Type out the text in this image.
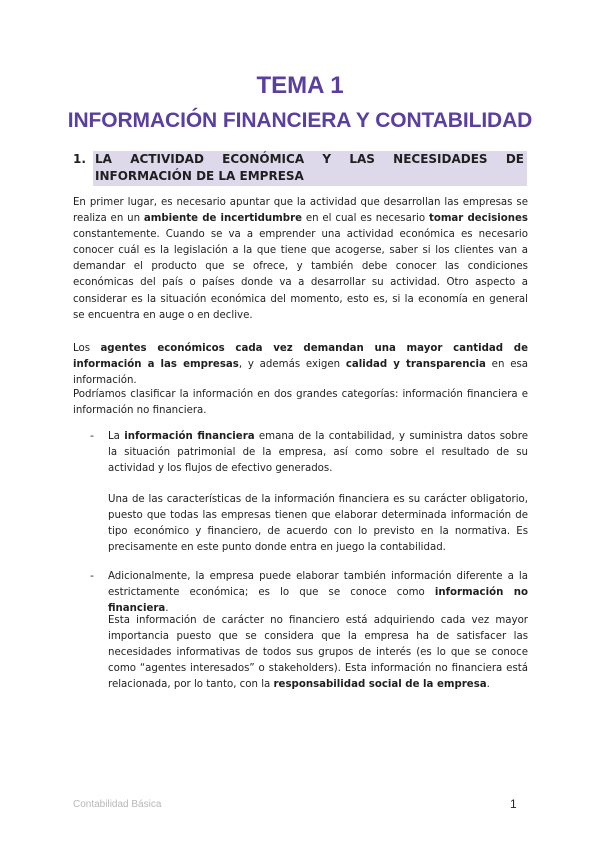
TEMA 1
INFORMACIÓN FINANCIERA Y CONTABILIDAD
1. LA ACTIVIDAD ECONÓMICA Y LAS NECESIDADES DE INFORMACIÓN DE LA EMPRESA

En primer lugar, es necesario apuntar que la actividad que desarrollan las empresas se realiza en un ambiente de incertidumbre en el cual es necesario tomar decisiones constantemente. Cuando se va a emprender una actividad económica es necesario conocer cuál es la legislación a la que tiene que acogerse, saber si los clientes van a demandar el producto que se ofrece, y también debe conocer las condiciones económicas del país o países donde va a desarrollar su actividad. Otro aspecto a considerar es la situación económica del momento, esto es, si la economía en general se encuentra en auge o en declive.

Los agentes económicos cada vez demandan una mayor cantidad de información a las empresas, y además exigen calidad y transparencia en esa información.

Podríamos clasificar la información en dos grandes categorías: información financiera e información no financiera.

- La información financiera emana de la contabilidad, y suministra datos sobre la situación patrimonial de la empresa, así como sobre el resultado de su actividad y los flujos de efectivo generados.

Una de las características de la información financiera es su carácter obligatorio, puesto que todas las empresas tienen que elaborar determinada información de tipo económico y financiero, de acuerdo con lo previsto en la normativa. Es precisamente en este punto donde entra en juego la contabilidad.

- Adicionalmente, la empresa puede elaborar también información diferente a la estrictamente económica; es lo que se conoce como información no financiera.

Esta información de carácter no financiero está adquiriendo cada vez mayor importancia puesto que se considera que la empresa ha de satisfacer las necesidades informativas de todos sus grupos de interés (es lo que se conoce como “agentes interesados” o stakeholders). Esta información no financiera está relacionada, por lo tanto, con la responsabilidad social de la empresa.

Contabilidad Básica	1
